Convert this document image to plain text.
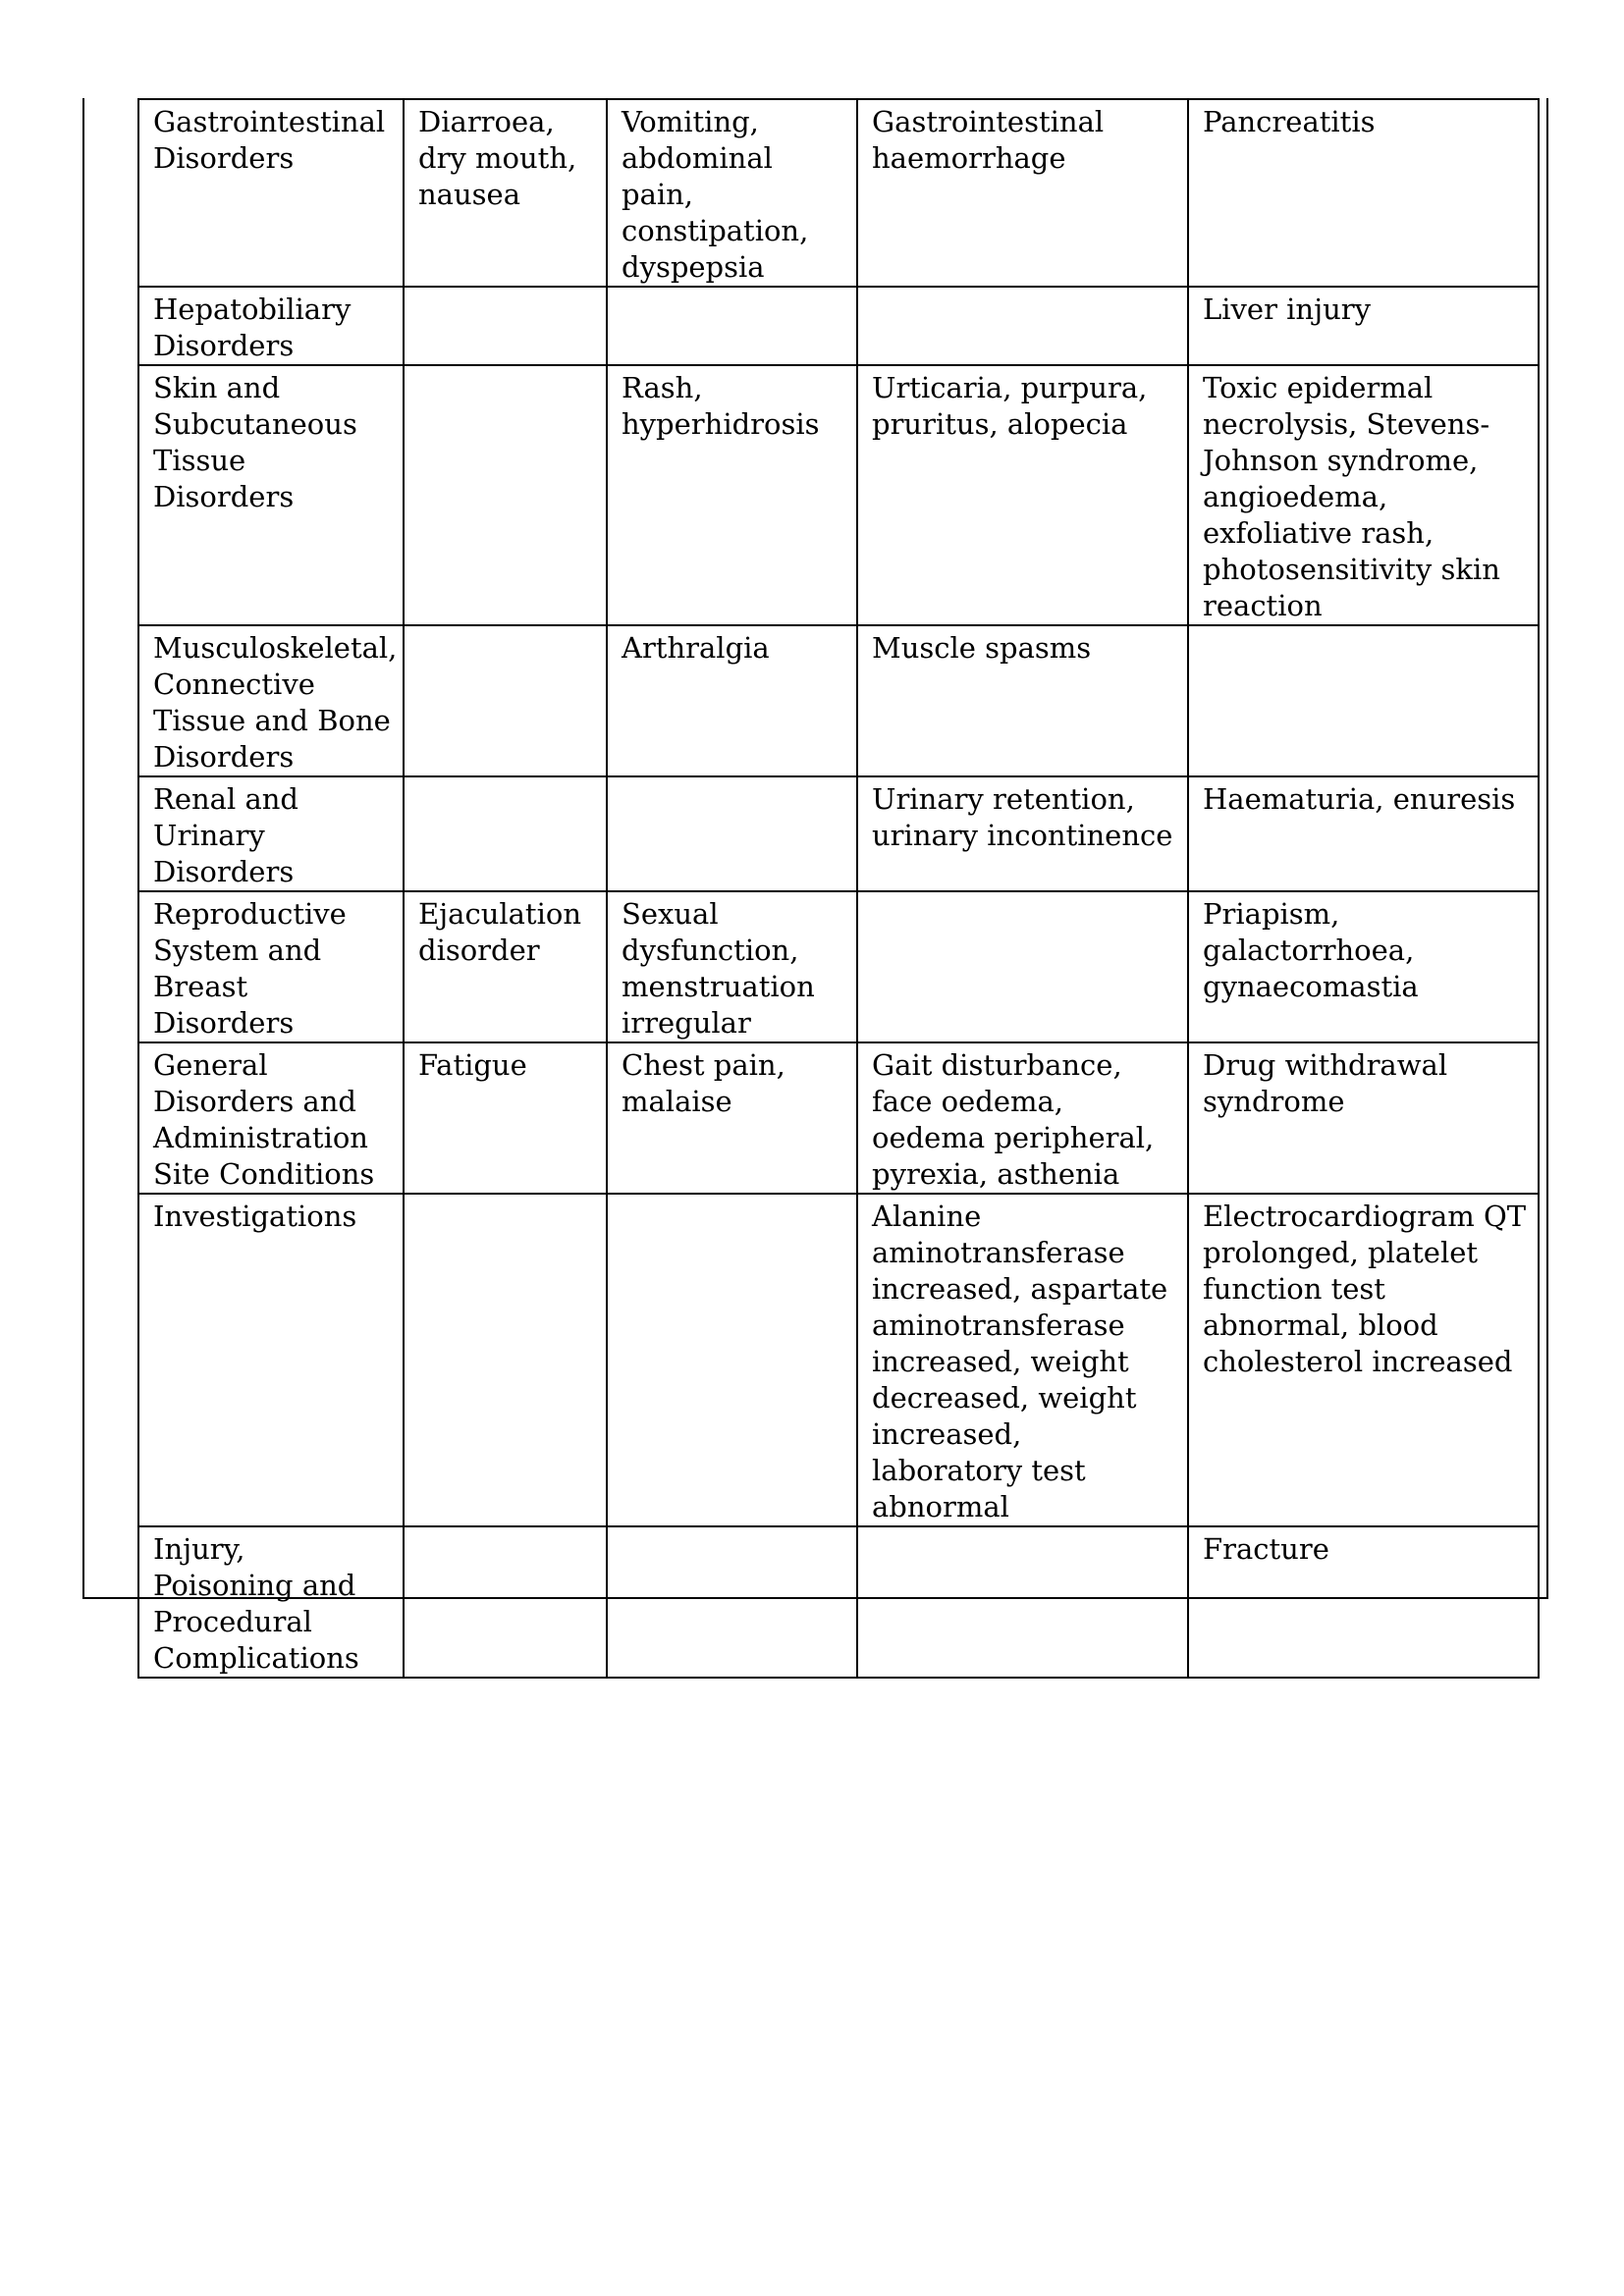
Gastrointestinal Disorders	Diarroea, dry mouth, nausea	Vomiting, abdominal pain, constipation, dyspepsia	Gastrointestinal haemorrhage	Pancreatitis

Hepatobiliary Disorders				Liver injury

Skin and Subcutaneous Tissue Disorders		Rash, hyperhidrosis	Urticaria, purpura, pruritus, alopecia	Toxic epidermal necrolysis, Stevens-Johnson syndrome, angioedema, exfoliative rash, photosensitivity skin reaction

Musculoskeletal, Connective Tissue and Bone Disorders		Arthralgia	Muscle spasms	

Renal and Urinary Disorders			Urinary retention, urinary incontinence	Haematuria, enuresis

Reproductive System and Breast Disorders	Ejaculation disorder	Sexual dysfunction, menstruation irregular		Priapism, galactorrhoea, gynaecomastia

General Disorders and Administration Site Conditions	Fatigue	Chest pain, malaise	Gait disturbance, face oedema, oedema peripheral, pyrexia, asthenia	Drug withdrawal syndrome

Investigations			Alanine aminotransferase increased, aspartate aminotransferase increased, weight decreased, weight increased, laboratory test abnormal	Electrocardiogram QT prolonged, platelet function test abnormal, blood cholesterol increased

Injury, Poisoning and Procedural Complications				Fracture
